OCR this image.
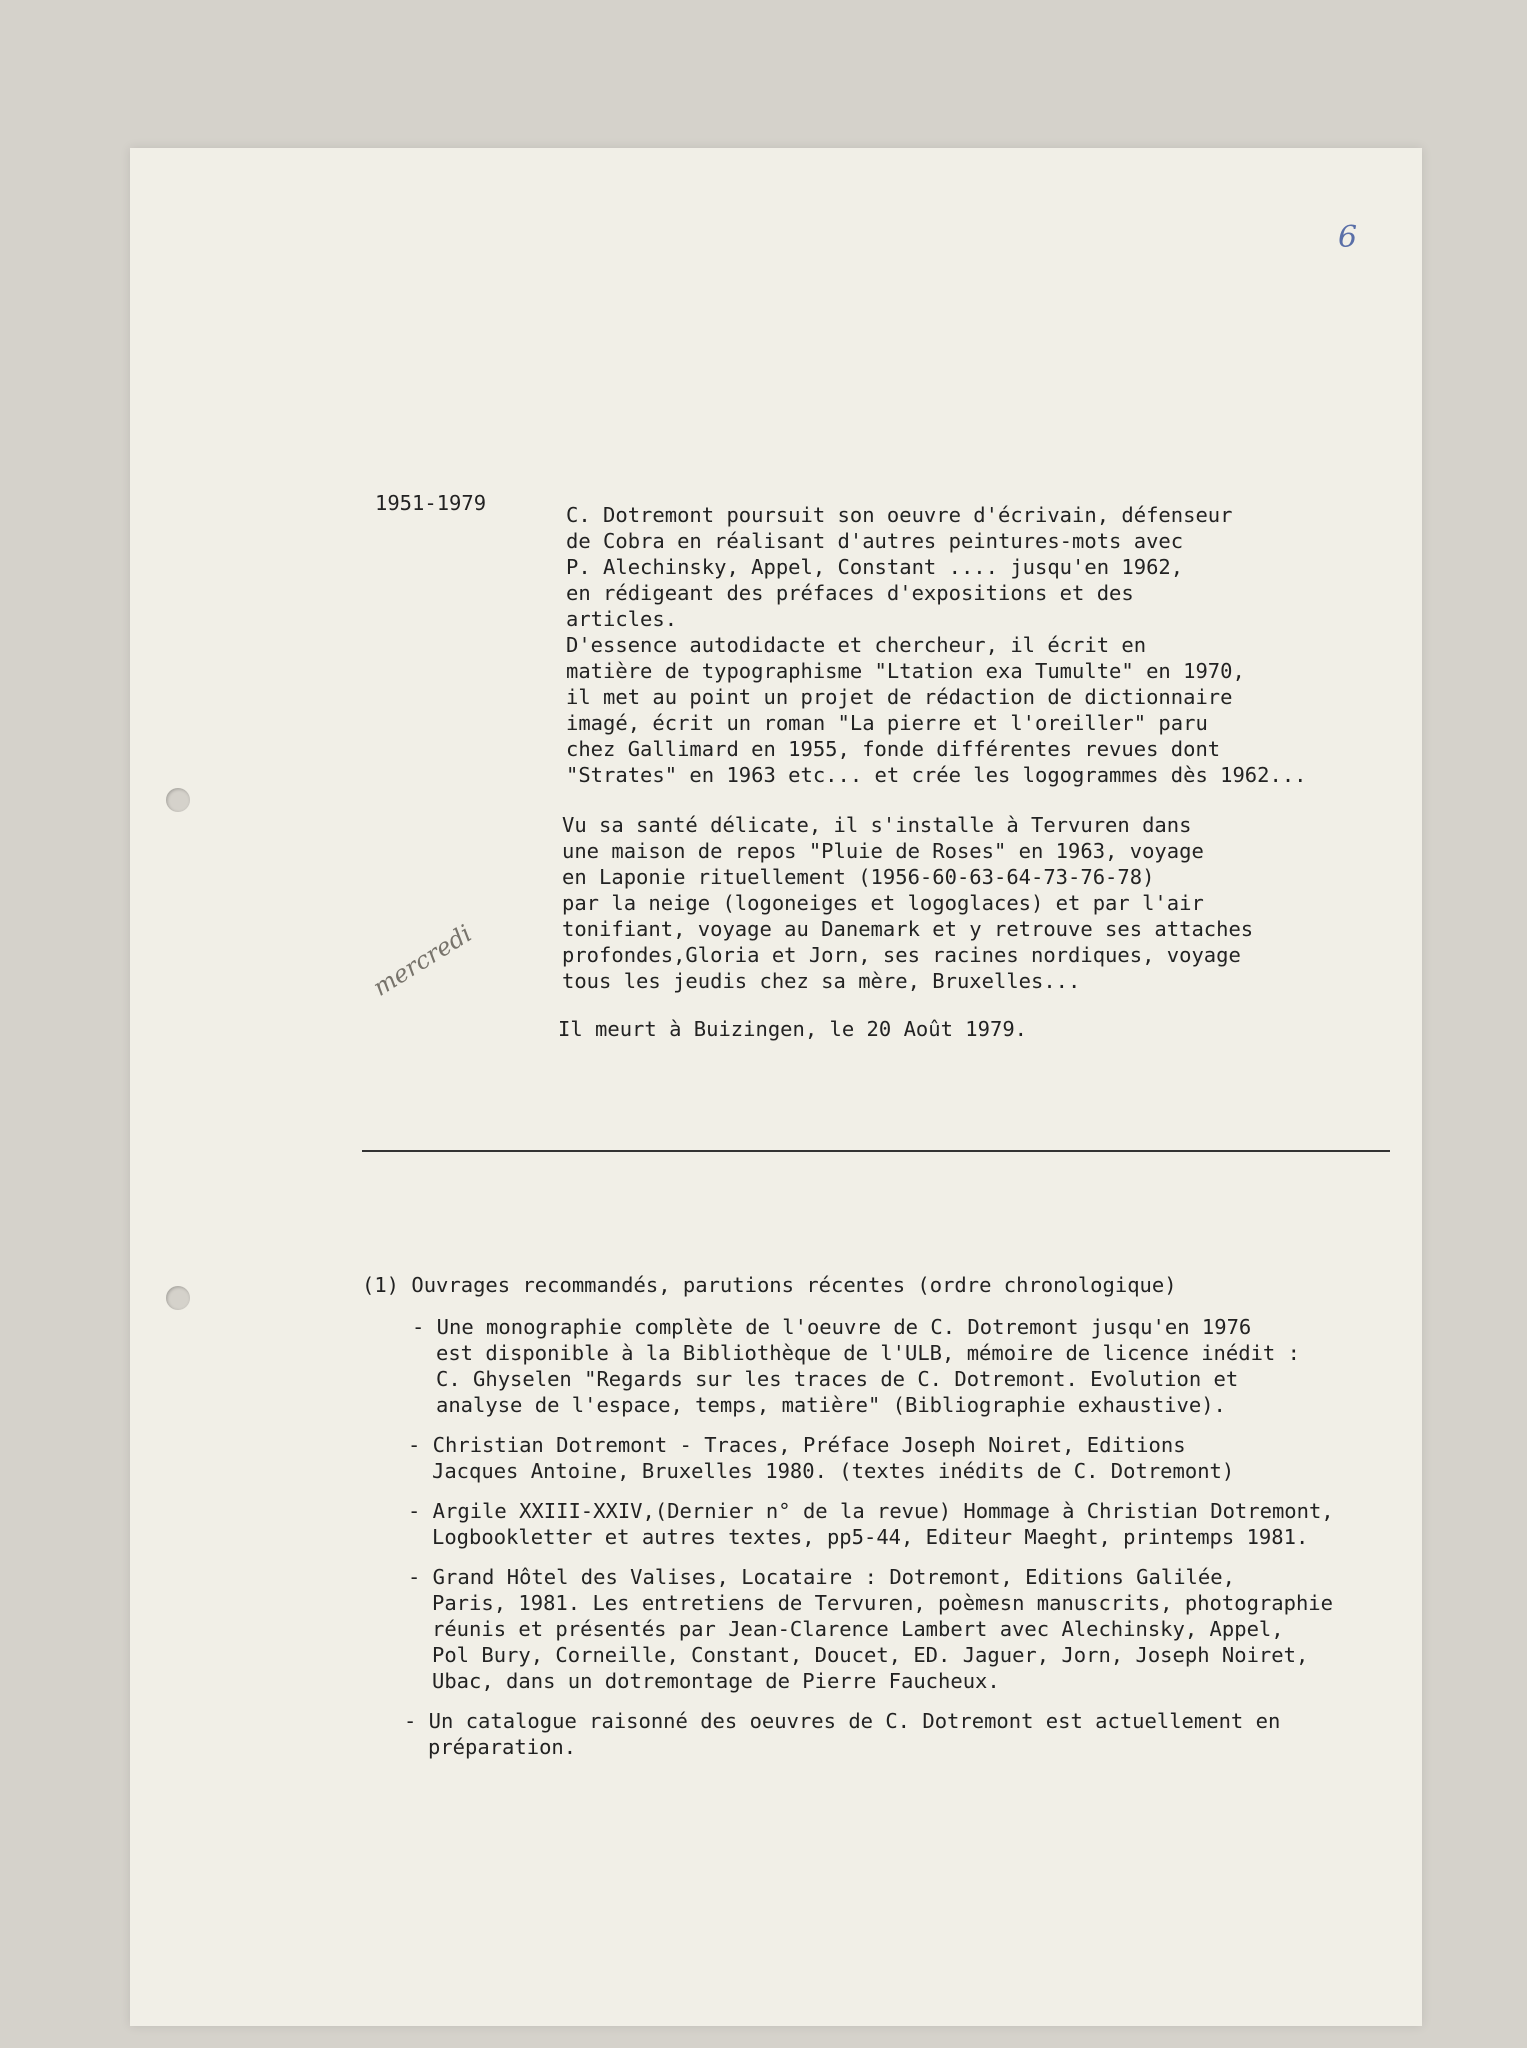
6
mercredi
1951-1979	C. Dotremont poursuit son oeuvre d'écrivain, défenseur
de Cobra en réalisant d'autres peintures-mots avec
P. Alechinsky, Appel, Constant .... jusqu'en 1962,
en rédigeant des préfaces d'expositions et des
articles.
D'essence autodidacte et chercheur, il écrit en
matière de typographisme "Ltation exa Tumulte" en 1970,
il met au point un projet de rédaction de dictionnaire
imagé, écrit un roman "La pierre et l'oreiller" paru
chez Gallimard en 1955, fonde différentes revues dont
"Strates" en 1963 etc... et crée les logogrammes dès 1962...
Vu sa santé délicate, il s'installe à Tervuren dans
une maison de repos "Pluie de Roses" en 1963, voyage
en Laponie rituellement (1956-60-63-64-73-76-78)
par la neige (logoneiges et logoglaces) et par l'air
tonifiant, voyage au Danemark et y retrouve ses attaches
profondes,Gloria et Jorn, ses racines nordiques, voyage
tous les jeudis chez sa mère, Bruxelles...
Il meurt à Buizingen, le 20 Août 1979.
(1) Ouvrages recommandés, parutions récentes (ordre chronologique)
- Une monographie complète de l'oeuvre de C. Dotremont jusqu'en 1976
est disponible à la Bibliothèque de l'ULB, mémoire de licence inédit :
C. Ghyselen "Regards sur les traces de C. Dotremont. Evolution et
analyse de l'espace, temps, matière" (Bibliographie exhaustive).
- Christian Dotremont - Traces, Préface Joseph Noiret, Editions
Jacques Antoine, Bruxelles 1980. (textes inédits de C. Dotremont)
- Argile XXIII-XXIV,(Dernier n° de la revue) Hommage à Christian Dotremont,
Logbookletter et autres textes, pp5-44, Editeur Maeght, printemps 1981.
- Grand Hôtel des Valises, Locataire : Dotremont, Editions Galilée,
Paris, 1981. Les entretiens de Tervuren, poèmesn manuscrits, photographie
réunis et présentés par Jean-Clarence Lambert avec Alechinsky, Appel,
Pol Bury, Corneille, Constant, Doucet, ED. Jaguer, Jorn, Joseph Noiret,
Ubac, dans un dotremontage de Pierre Faucheux.
- Un catalogue raisonné des oeuvres de C. Dotremont est actuellement en
préparation.
